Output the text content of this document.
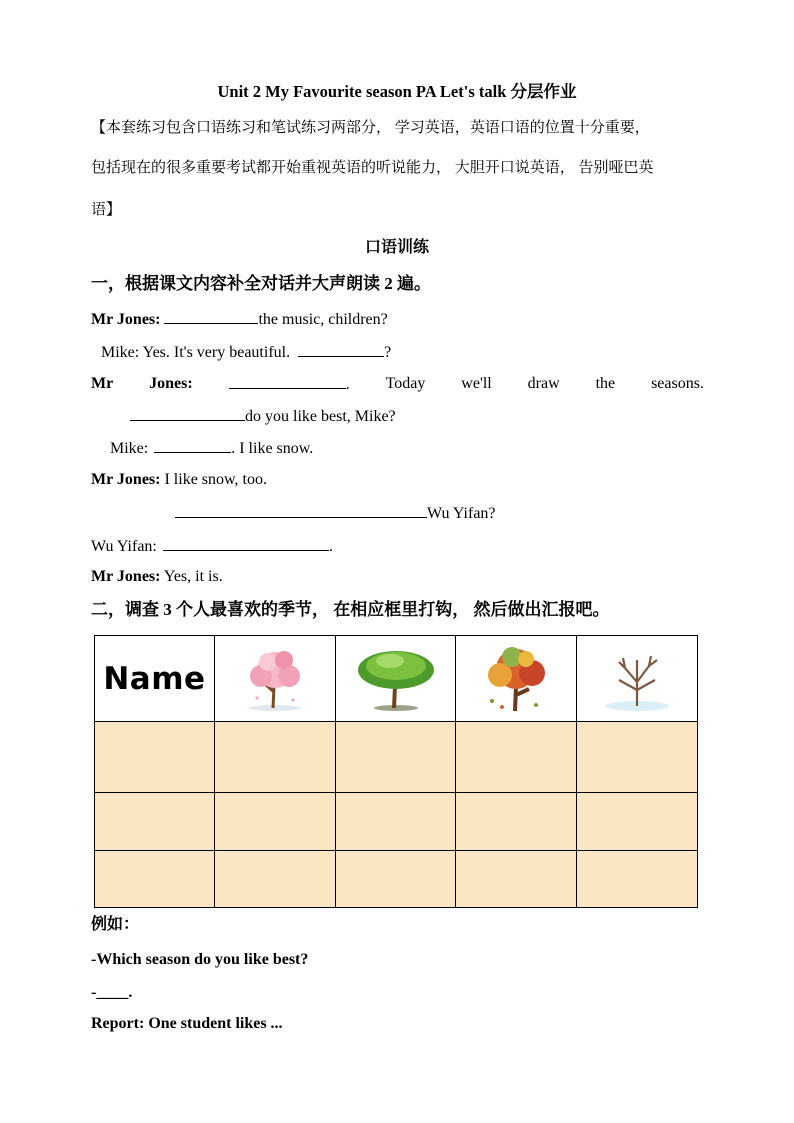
Unit 2 My Favourite season PA Let's talk 分层作业
【本套练习包含口语练习和笔试练习两部分， 学习英语，英语口语的位置十分重要，
包括现在的很多重要考试都开始重视英语的听说能力， 大胆开口说英语， 告别哑巴英
语】
口语训练
一，根据课文内容补全对话并大声朗读 2 遍。
Mr Jones:	the music, children?
Mike: Yes. It's very beautiful.	?
Mr Jones:	. Today we'll draw the seasons.
do you like best, Mike?
Mike:	. I like snow.
Mr Jones: I like snow, too.
Wu Yifan?
Wu Yifan:	.
Mr Jones: Yes, it is.
二，调查 3 个人最喜欢的季节， 在相应框里打钩， 然后做出汇报吧。
Name	

例如：
-Which season do you like best?
-____.
Report: One student likes ...
